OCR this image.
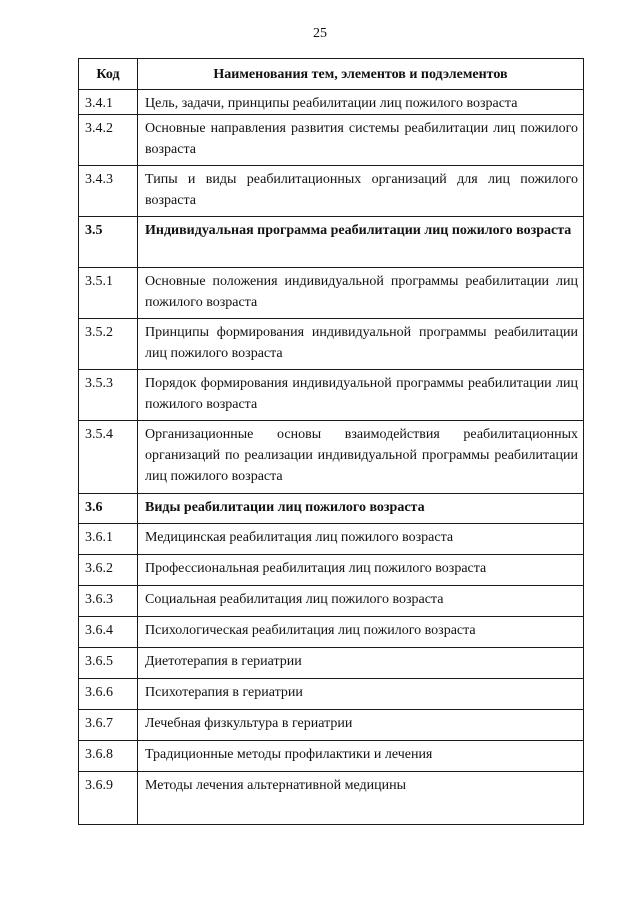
25
Код	Наименования тем, элементов и подэлементов
3.4.1	Цель, задачи, принципы реабилитации лиц пожилого возраста
3.4.2	Основные направления развития системы реабилитации лиц пожилого возраста
3.4.3	Типы и виды реабилитационных организаций для лиц пожилого возраста
3.5	Индивидуальная программа реабилитации лиц пожилого возраста
3.5.1	Основные положения индивидуальной программы реабилитации лиц пожилого возраста
3.5.2	Принципы формирования индивидуальной программы реабилитации лиц пожилого возраста
3.5.3	Порядок формирования индивидуальной программы реабилитации лиц пожилого возраста
3.5.4	Организационные основы взаимодействия реабилитационных организаций по реализации индивидуальной программы реабилитации лиц пожилого возраста
3.6	Виды реабилитации лиц пожилого возраста
3.6.1	Медицинская реабилитация лиц пожилого возраста
3.6.2	Профессиональная реабилитация лиц пожилого возраста
3.6.3	Социальная реабилитация лиц пожилого возраста
3.6.4	Психологическая реабилитация лиц пожилого возраста
3.6.5	Диетотерапия в гериатрии
3.6.6	Психотерапия в гериатрии
3.6.7	Лечебная физкультура в гериатрии
3.6.8	Традиционные методы профилактики и лечения
3.6.9	Методы лечения альтернативной медицины
